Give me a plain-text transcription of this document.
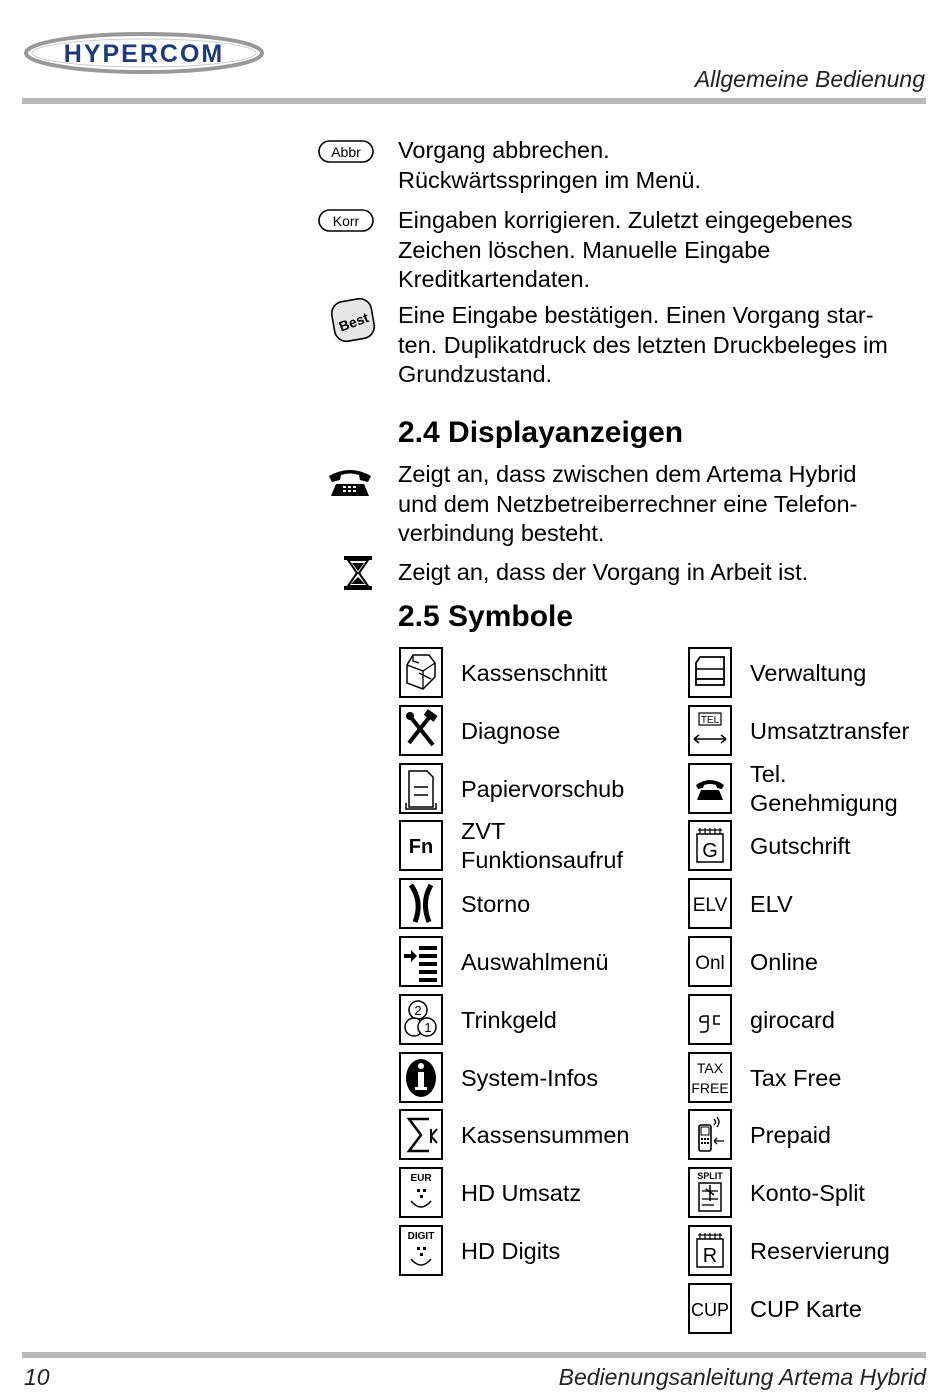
HYPERCOM
Allgemeine Bedienung
Abbr Vorgang abbrechen.
Rückwärtsspringen im Menü.
Korr Eingaben korrigieren. Zuletzt eingegebenes
Zeichen löschen. Manuelle Eingabe
Kreditkartendaten.
Best Eine Eingabe bestätigen. Einen Vorgang star-
ten. Duplikatdruck des letzten Druckbeleges im
Grundzustand.
2.4 Displayanzeigen
Zeigt an, dass zwischen dem Artema Hybrid
und dem Netzbetreiberrechner eine Telefon-
verbindung besteht.
Zeigt an, dass der Vorgang in Arbeit ist.
2.5 Symbole
Kassenschnitt
Diagnose
Papiervorschub
Fn
ZVT
Funktionsaufruf
Storno
Auswahlmenü
2
1 Trinkgeld
System-Infos
Kassensummen
EUR
HD Umsatz
DIGIT
HD Digits
Verwaltung
TEL Umsatztransfer
Tel.
Genehmigung
G Gutschrift
ELV ELV
Onl Online
girocard
TAX
FREE Tax Free
Prepaid
SPLIT
Konto-Split
R Reservierung
CUP CUP Karte
10	Bedienungsanleitung Artema Hybrid
